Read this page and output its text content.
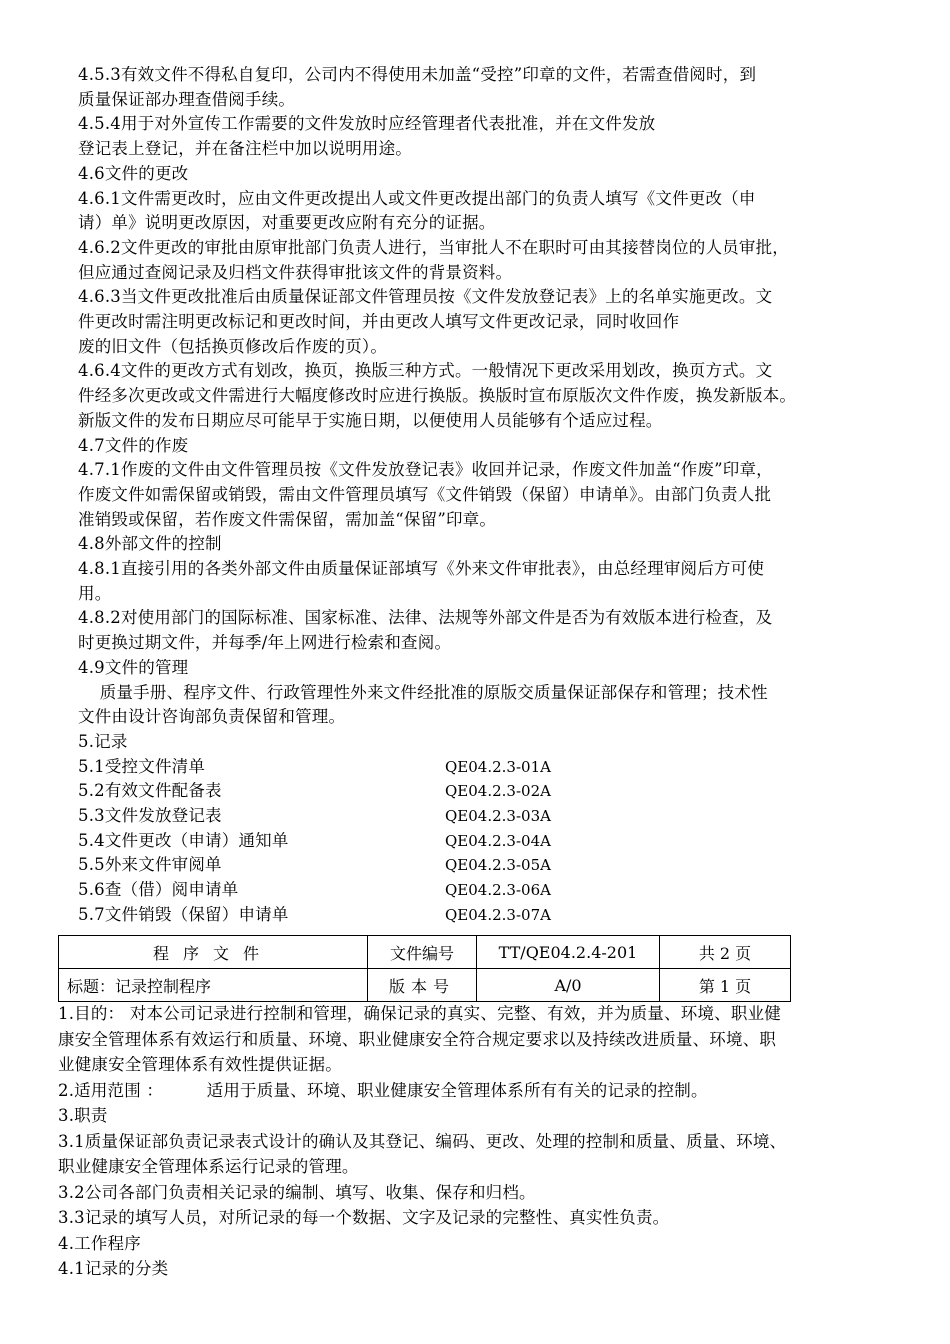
4.5.3有效文件不得私自复印，公司内不得使用未加盖“受控”印章的文件，若需查借阅时，到
质量保证部办理查借阅手续。
4.5.4用于对外宣传工作需要的文件发放时应经管理者代表批准，并在文件发放
登记表上登记，并在备注栏中加以说明用途。
4.6文件的更改
4.6.1文件需更改时，应由文件更改提出人或文件更改提出部门的负责人填写《文件更改（申
请）单》说明更改原因，对重要更改应附有充分的证据。
4.6.2文件更改的审批由原审批部门负责人进行，当审批人不在职时可由其接替岗位的人员审批，
但应通过查阅记录及归档文件获得审批该文件的背景资料。
4.6.3当文件更改批准后由质量保证部文件管理员按《文件发放登记表》上的名单实施更改。文
件更改时需注明更改标记和更改时间，并由更改人填写文件更改记录，同时收回作
废的旧文件（包括换页修改后作废的页）。
4.6.4文件的更改方式有划改，换页，换版三种方式。一般情况下更改采用划改，换页方式。文
件经多次更改或文件需进行大幅度修改时应进行换版。换版时宣布原版次文件作废，换发新版本。
新版文件的发布日期应尽可能早于实施日期，以便使用人员能够有个适应过程。
4.7文件的作废
4.7.1作废的文件由文件管理员按《文件发放登记表》收回并记录，作废文件加盖“作废”印章，
作废文件如需保留或销毁，需由文件管理员填写《文件销毁（保留）申请单》。由部门负责人批
准销毁或保留，若作废文件需保留，需加盖“保留”印章。
4.8外部文件的控制
4.8.1直接引用的各类外部文件由质量保证部填写《外来文件审批表》，由总经理审阅后方可使
用。
4.8.2对使用部门的国际标准、国家标准、法律、法规等外部文件是否为有效版本进行检查，及
时更换过期文件，并每季/年上网进行检索和查阅。
4.9文件的管理
质量手册、程序文件、行政管理性外来文件经批准的原版交质量保证部保存和管理；技术性
文件由设计咨询部负责保留和管理。
5.记录
5.1受控文件清单	QE04.2.3-01A
5.2有效文件配备表	QE04.2.3-02A
5.3文件发放登记表	QE04.2.3-03A
5.4文件更改（申请）通知单	QE04.2.3-04A
5.5外来文件审阅单	QE04.2.3-05A
5.6查（借）阅申请单	QE04.2.3-06A
5.7文件销毁（保留）申请单	QE04.2.3-07A
程序文件	文件编号	TT/QE04.2.4-201	共 2 页
标题：记录控制程序	版本号	A/0	第 1 页
1.目的： 对本公司记录进行控制和管理，确保记录的真实、完整、有效，并为质量、环境、职业健
康安全管理体系有效运行和质量、环境、职业健康安全符合规定要求以及持续改进质量、环境、职
业健康安全管理体系有效性提供证据。
2.适用范围 ：        适用于质量、环境、职业健康安全管理体系所有有关的记录的控制。
3.职责
3.1质量保证部负责记录表式设计的确认及其登记、编码、更改、处理的控制和质量、质量、环境、
职业健康安全管理体系运行记录的管理。
3.2公司各部门负责相关记录的编制、填写、收集、保存和归档。
3.3记录的填写人员，对所记录的每一个数据、文字及记录的完整性、真实性负责。
4.工作程序
4.1记录的分类
